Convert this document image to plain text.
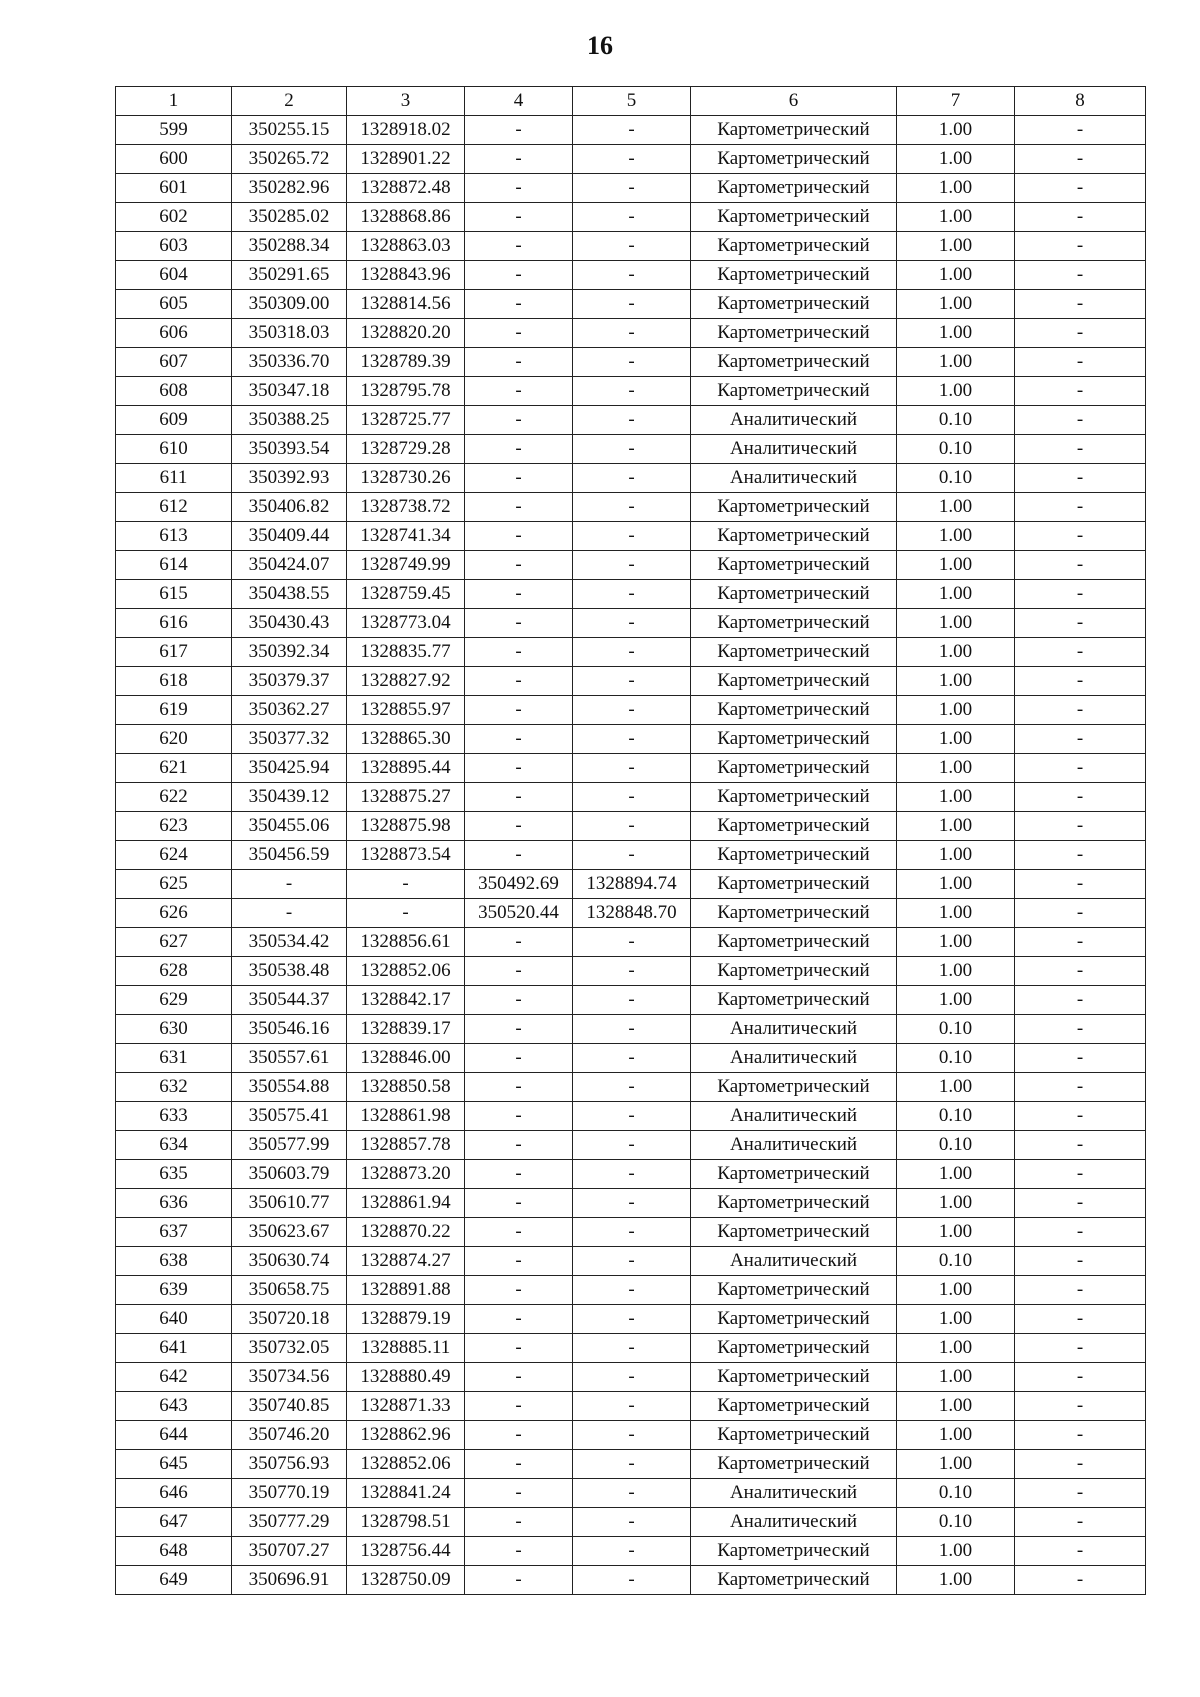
16
1	2	3	4	5	6	7	8
599	350255.15	1328918.02	-	-	Картометрический	1.00	-
600	350265.72	1328901.22	-	-	Картометрический	1.00	-
601	350282.96	1328872.48	-	-	Картометрический	1.00	-
602	350285.02	1328868.86	-	-	Картометрический	1.00	-
603	350288.34	1328863.03	-	-	Картометрический	1.00	-
604	350291.65	1328843.96	-	-	Картометрический	1.00	-
605	350309.00	1328814.56	-	-	Картометрический	1.00	-
606	350318.03	1328820.20	-	-	Картометрический	1.00	-
607	350336.70	1328789.39	-	-	Картометрический	1.00	-
608	350347.18	1328795.78	-	-	Картометрический	1.00	-
609	350388.25	1328725.77	-	-	Аналитический	0.10	-
610	350393.54	1328729.28	-	-	Аналитический	0.10	-
611	350392.93	1328730.26	-	-	Аналитический	0.10	-
612	350406.82	1328738.72	-	-	Картометрический	1.00	-
613	350409.44	1328741.34	-	-	Картометрический	1.00	-
614	350424.07	1328749.99	-	-	Картометрический	1.00	-
615	350438.55	1328759.45	-	-	Картометрический	1.00	-
616	350430.43	1328773.04	-	-	Картометрический	1.00	-
617	350392.34	1328835.77	-	-	Картометрический	1.00	-
618	350379.37	1328827.92	-	-	Картометрический	1.00	-
619	350362.27	1328855.97	-	-	Картометрический	1.00	-
620	350377.32	1328865.30	-	-	Картометрический	1.00	-
621	350425.94	1328895.44	-	-	Картометрический	1.00	-
622	350439.12	1328875.27	-	-	Картометрический	1.00	-
623	350455.06	1328875.98	-	-	Картометрический	1.00	-
624	350456.59	1328873.54	-	-	Картометрический	1.00	-
625	-	-	350492.69	1328894.74	Картометрический	1.00	-
626	-	-	350520.44	1328848.70	Картометрический	1.00	-
627	350534.42	1328856.61	-	-	Картометрический	1.00	-
628	350538.48	1328852.06	-	-	Картометрический	1.00	-
629	350544.37	1328842.17	-	-	Картометрический	1.00	-
630	350546.16	1328839.17	-	-	Аналитический	0.10	-
631	350557.61	1328846.00	-	-	Аналитический	0.10	-
632	350554.88	1328850.58	-	-	Картометрический	1.00	-
633	350575.41	1328861.98	-	-	Аналитический	0.10	-
634	350577.99	1328857.78	-	-	Аналитический	0.10	-
635	350603.79	1328873.20	-	-	Картометрический	1.00	-
636	350610.77	1328861.94	-	-	Картометрический	1.00	-
637	350623.67	1328870.22	-	-	Картометрический	1.00	-
638	350630.74	1328874.27	-	-	Аналитический	0.10	-
639	350658.75	1328891.88	-	-	Картометрический	1.00	-
640	350720.18	1328879.19	-	-	Картометрический	1.00	-
641	350732.05	1328885.11	-	-	Картометрический	1.00	-
642	350734.56	1328880.49	-	-	Картометрический	1.00	-
643	350740.85	1328871.33	-	-	Картометрический	1.00	-
644	350746.20	1328862.96	-	-	Картометрический	1.00	-
645	350756.93	1328852.06	-	-	Картометрический	1.00	-
646	350770.19	1328841.24	-	-	Аналитический	0.10	-
647	350777.29	1328798.51	-	-	Аналитический	0.10	-
648	350707.27	1328756.44	-	-	Картометрический	1.00	-
649	350696.91	1328750.09	-	-	Картометрический	1.00	-
